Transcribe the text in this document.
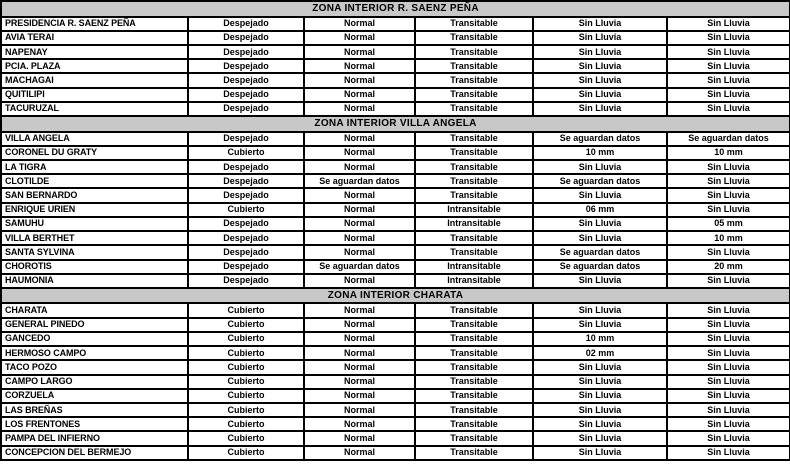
ZONA INTERIOR R. SAENZ PEÑA					
PRESIDENCIA R. SAENZ PEÑA	Despejado	Normal	Transitable	Sin Lluvia	Sin Lluvia
AVIA TERAI	Despejado	Normal	Transitable	Sin Lluvia	Sin Lluvia
NAPENAY	Despejado	Normal	Transitable	Sin Lluvia	Sin Lluvia
PCIA. PLAZA	Despejado	Normal	Transitable	Sin Lluvia	Sin Lluvia
MACHAGAI	Despejado	Normal	Transitable	Sin Lluvia	Sin Lluvia
QUITILIPI	Despejado	Normal	Transitable	Sin Lluvia	Sin Lluvia
TACURUZAL	Despejado	Normal	Transitable	Sin Lluvia	Sin Lluvia
ZONA INTERIOR VILLA ANGELA					
VILLA ANGELA	Despejado	Normal	Transitable	Se aguardan datos	Se aguardan datos
CORONEL DU GRATY	Cubierto	Normal	Transitable	10 mm	10 mm
LA TIGRA	Despejado	Normal	Transitable	Sin Lluvia	Sin Lluvia
CLOTILDE	Despejado	Se aguardan datos	Transitable	Se aguardan datos	Sin Lluvia
SAN BERNARDO	Despejado	Normal	Transitable	Sin Lluvia	Sin Lluvia
ENRIQUE URIEN	Cubierto	Normal	Intransitable	06 mm	Sin Lluvia
SAMUHU	Despejado	Normal	Intransitable	Sin Lluvia	05 mm
VILLA BERTHET	Despejado	Normal	Transitable	Sin Lluvia	10 mm
SANTA SYLVINA	Despejado	Normal	Transitable	Se aguardan datos	Sin Lluvia
CHOROTIS	Despejado	Se aguardan datos	Intransitable	Se aguardan datos	20 mm
HAUMONIA	Despejado	Normal	Intransitable	Sin Lluvia	Sin Lluvia
ZONA INTERIOR CHARATA					
CHARATA	Cubierto	Normal	Transitable	Sin Lluvia	Sin Lluvia
GENERAL PINEDO	Cubierto	Normal	Transitable	Sin Lluvia	Sin Lluvia
GANCEDO	Cubierto	Normal	Transitable	10 mm	Sin Lluvia
HERMOSO CAMPO	Cubierto	Normal	Transitable	02 mm	Sin Lluvia
TACO POZO	Cubierto	Normal	Transitable	Sin Lluvia	Sin Lluvia
CAMPO LARGO	Cubierto	Normal	Transitable	Sin Lluvia	Sin Lluvia
CORZUELA	Cubierto	Normal	Transitable	Sin Lluvia	Sin Lluvia
LAS BREÑAS	Cubierto	Normal	Transitable	Sin Lluvia	Sin Lluvia
LOS FRENTONES	Cubierto	Normal	Transitable	Sin Lluvia	Sin Lluvia
PAMPA DEL INFIERNO	Cubierto	Normal	Transitable	Sin Lluvia	Sin Lluvia
CONCEPCION DEL BERMEJO	Cubierto	Normal	Transitable	Sin Lluvia	Sin Lluvia
